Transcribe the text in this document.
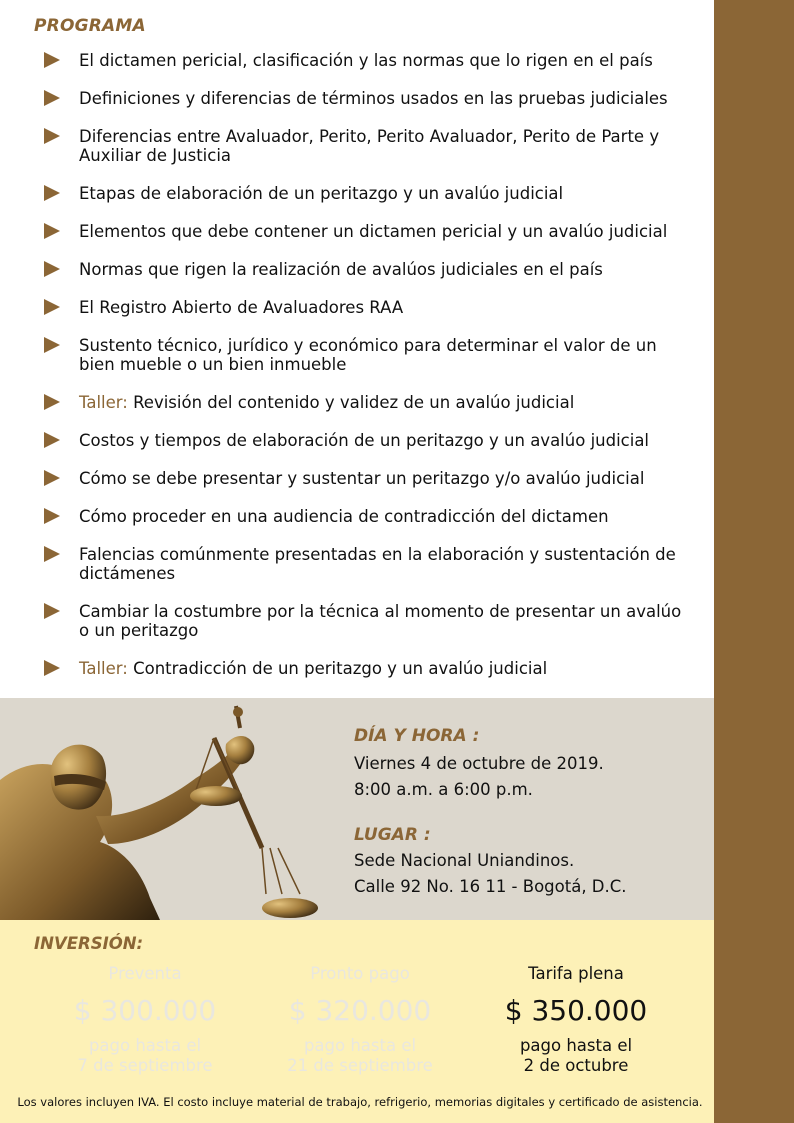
PROGRAMA
El dictamen pericial, clasificación y las normas que lo rigen en el país
Definiciones y diferencias de términos usados en las pruebas judiciales
Diferencias entre Avaluador, Perito, Perito Avaluador, Perito de Parte y Auxiliar de Justicia
Etapas de elaboración de un peritazgo y un avalúo judicial
Elementos que debe contener un dictamen pericial y un avalúo judicial
Normas que rigen la realización de avalúos judiciales en el país
El Registro Abierto de Avaluadores RAA
Sustento técnico, jurídico y económico para determinar el valor de un bien mueble o un bien inmueble
Taller: Revisión del contenido y validez de un avalúo judicial
Costos y tiempos de elaboración de un peritazgo y un avalúo judicial
Cómo se debe presentar y sustentar un peritazgo y/o avalúo judicial
Cómo proceder en una audiencia de contradicción del dictamen
Falencias comúnmente presentadas en la elaboración y sustentación de dictámenes
Cambiar la costumbre por la técnica al momento de presentar un avalúo o un peritazgo
Taller: Contradicción de un peritazgo y un avalúo judicial
DÍA Y HORA :
Viernes 4 de octubre de 2019.
8:00 a.m. a 6:00 p.m.
LUGAR :
Sede Nacional Uniandinos.
Calle 92 No. 16 11 - Bogotá, D.C.
INVERSIÓN:
Preventa
$ 300.000
pago hasta el
7 de septiembre
Pronto pago
$ 320.000
pago hasta el
21 de septiembre
Tarifa plena
$ 350.000
pago hasta el
2 de octubre
Los valores incluyen IVA. El costo incluye material de trabajo, refrigerio, memorias digitales y certificado de asistencia.
